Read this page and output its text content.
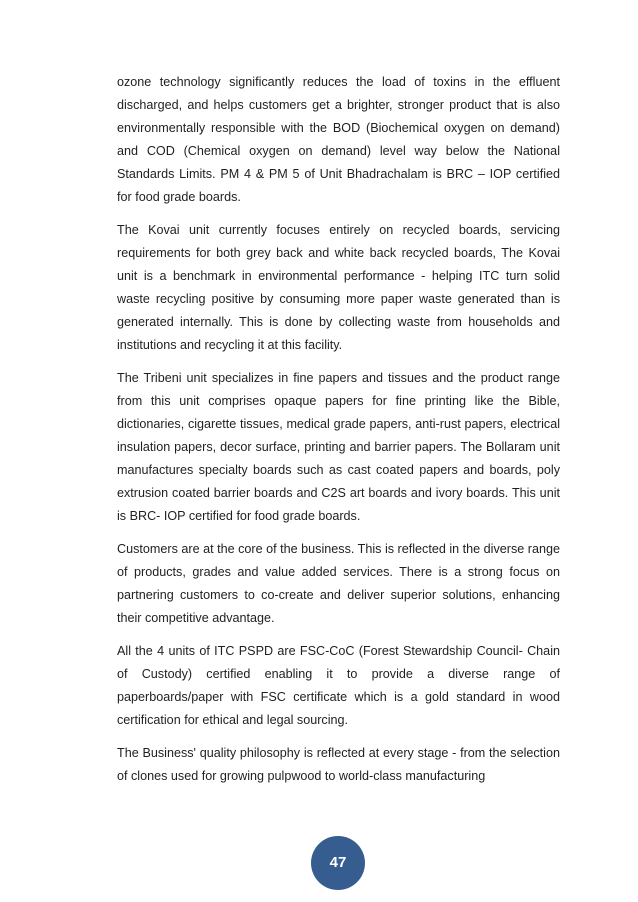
ozone technology significantly reduces the load of toxins in the effluent discharged, and helps customers get a brighter, stronger product that is also environmentally responsible with the BOD (Biochemical oxygen on demand) and COD (Chemical oxygen on demand) level way below the National Standards Limits. PM 4 & PM 5 of Unit Bhadrachalam is BRC – IOP certified for food grade boards.

The Kovai unit currently focuses entirely on recycled boards, servicing requirements for both grey back and white back recycled boards, The Kovai unit is a benchmark in environmental performance - helping ITC turn solid waste recycling positive by consuming more paper waste generated than is generated internally. This is done by collecting waste from households and institutions and recycling it at this facility.

The Tribeni unit specializes in fine papers and tissues and the product range from this unit comprises opaque papers for fine printing like the Bible, dictionaries, cigarette tissues, medical grade papers, anti-rust papers, electrical insulation papers, decor surface, printing and barrier papers. The Bollaram unit manufactures specialty boards such as cast coated papers and boards, poly extrusion coated barrier boards and C2S art boards and ivory boards. This unit is BRC- IOP certified for food grade boards.

Customers are at the core of the business. This is reflected in the diverse range of products, grades and value added services. There is a strong focus on partnering customers to co-create and deliver superior solutions, enhancing their competitive advantage.

All the 4 units of ITC PSPD are FSC-CoC (Forest Stewardship Council- Chain of Custody) certified enabling it to provide a diverse range of paperboards/paper with FSC certificate which is a gold standard in wood certification for ethical and legal sourcing.

The Business' quality philosophy is reflected at every stage - from the selection of clones used for growing pulpwood to world-class manufacturing

47
